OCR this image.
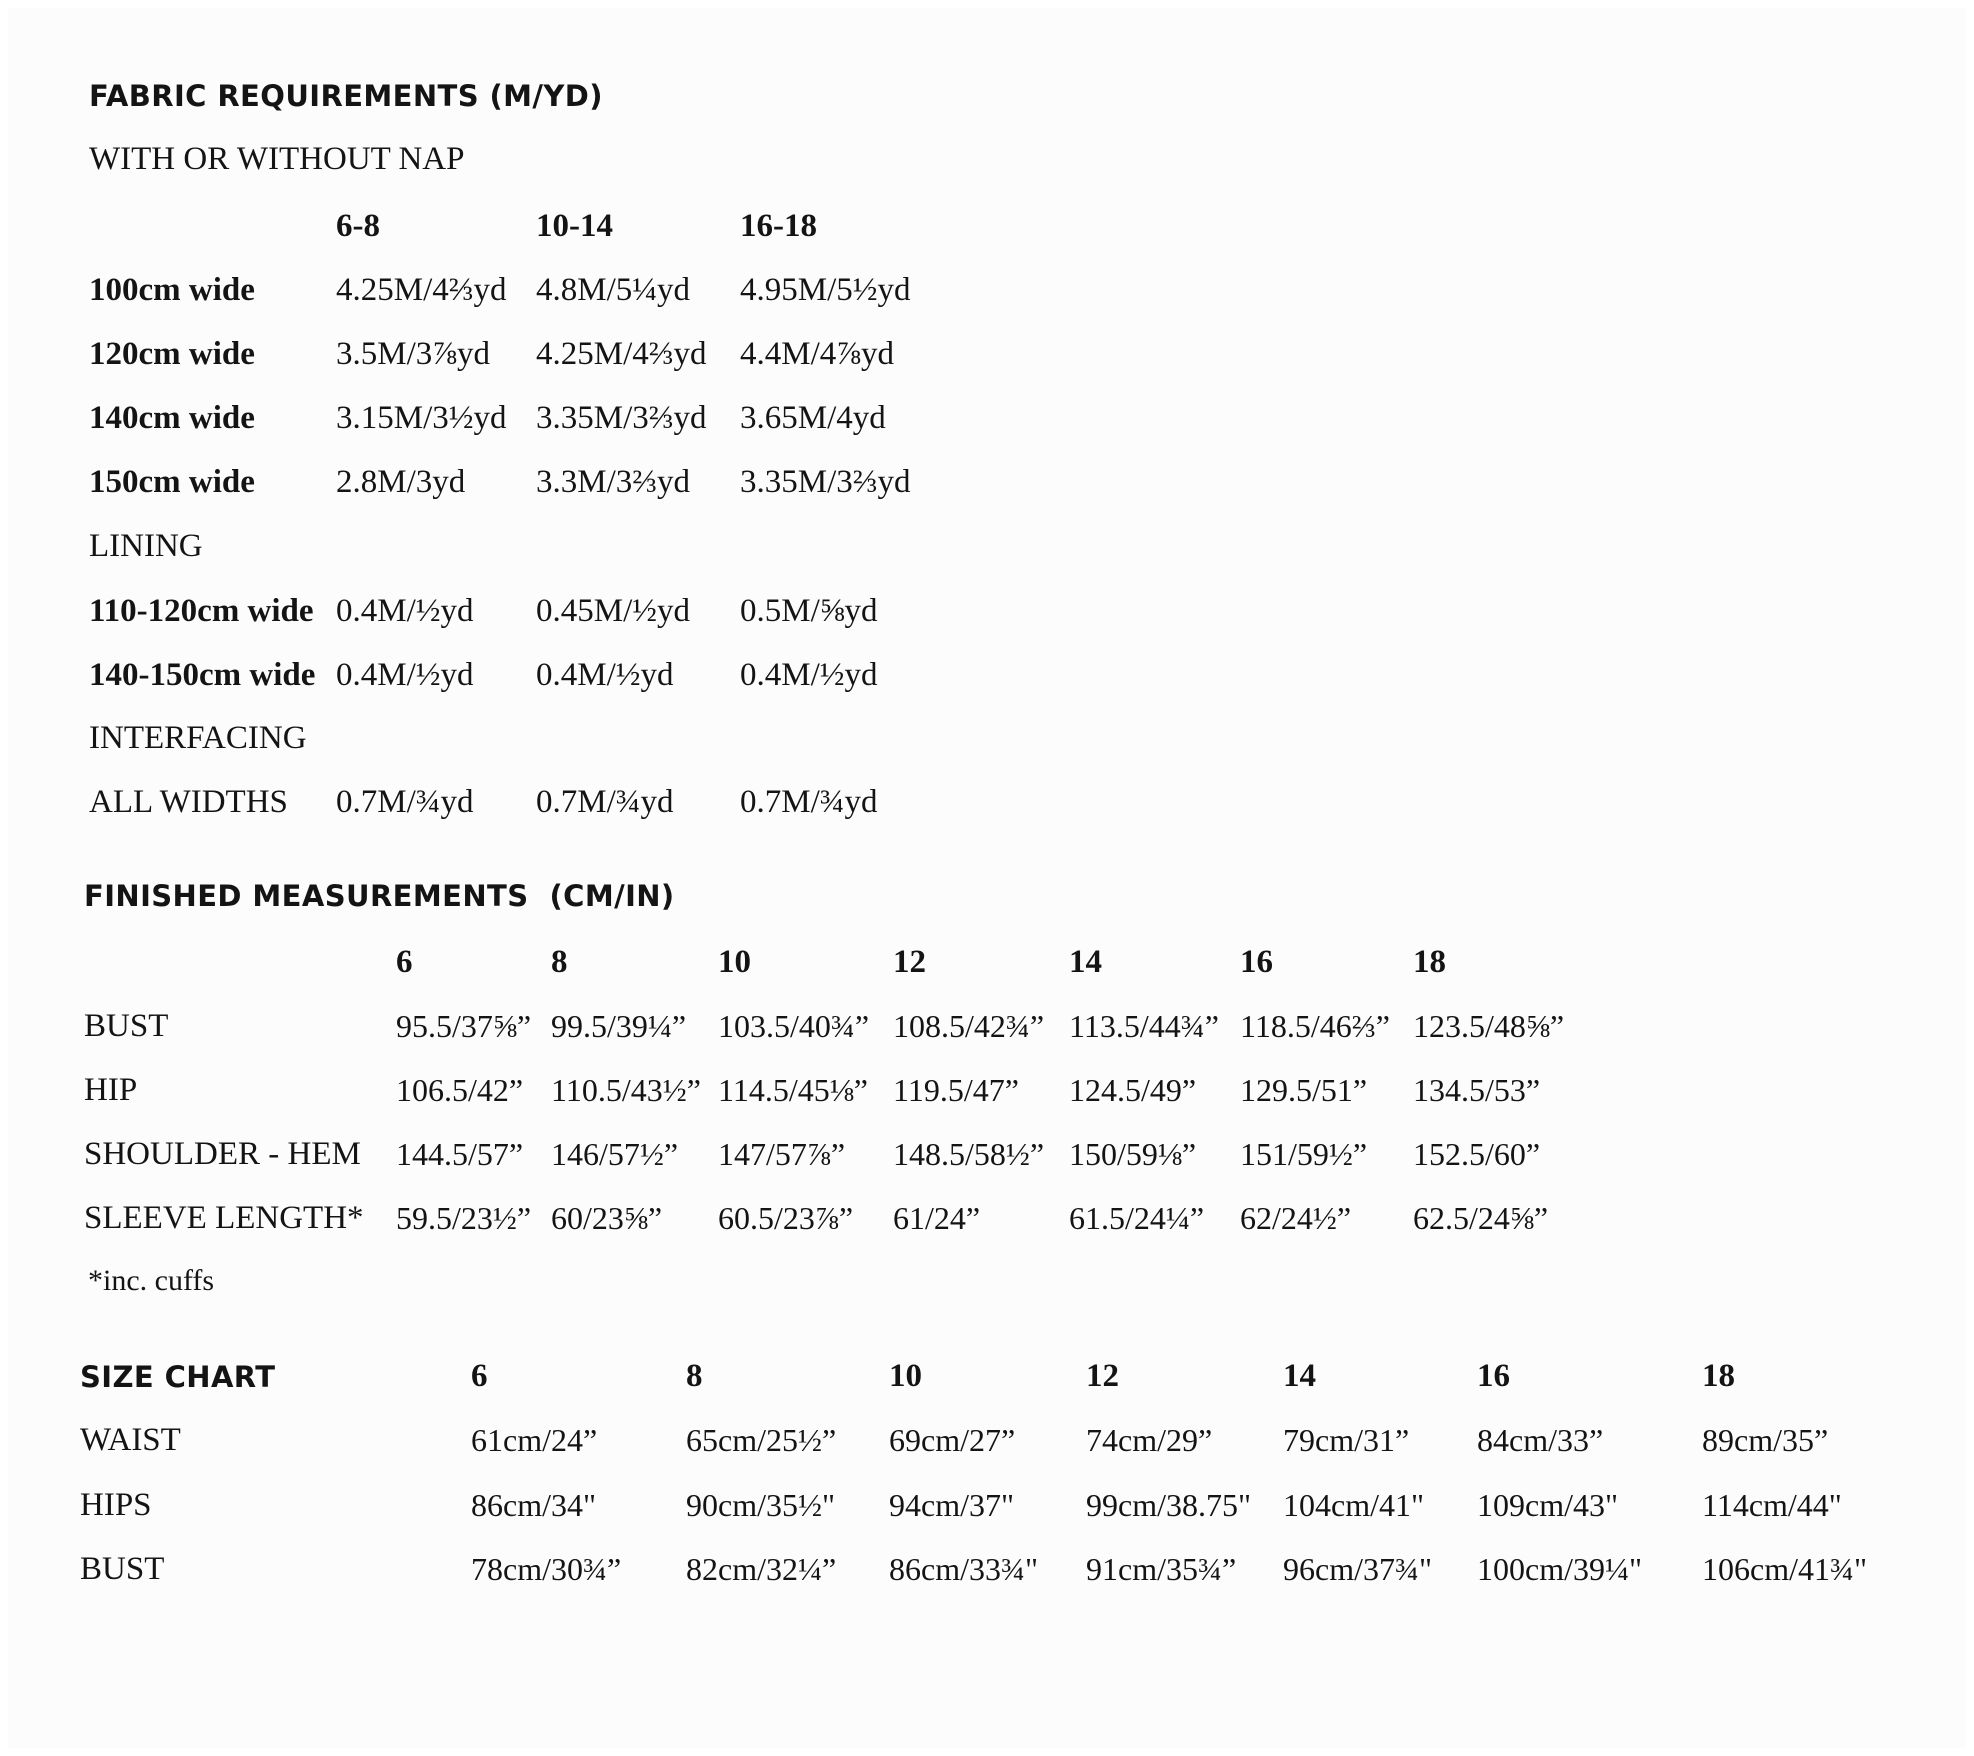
FABRIC REQUIREMENTS (M/YD)
WITH OR WITHOUT NAP
6-8	10-14	16-18
100cm wide 4.25M/4⅔yd 4.8M/5¼yd 4.95M/5½yd
120cm wide 3.5M/3⅞yd 4.25M/4⅔yd 4.4M/4⅞yd
140cm wide 3.15M/3½yd 3.35M/3⅔yd 3.65M/4yd
150cm wide 2.8M/3yd 3.3M/3⅔yd 3.35M/3⅔yd
LINING
110-120cm wide 0.4M/½yd 0.45M/½yd 0.5M/⅝yd
140-150cm wide 0.4M/½yd 0.4M/½yd 0.4M/½yd
INTERFACING
ALL WIDTHS 0.7M/¾yd 0.7M/¾yd 0.7M/¾yd
FINISHED MEASUREMENTS  (CM/IN)
6	8	10	12	14	16	18
BUST	95.5/37⅝” 99.5/39¼” 103.5/40¾” 108.5/42¾” 113.5/44¾” 118.5/46⅔” 123.5/48⅝”
HIP	106.5/42” 110.5/43½” 114.5/45⅛” 119.5/47” 124.5/49” 129.5/51” 134.5/53”
SHOULDER - HEM 144.5/57” 146/57½” 147/57⅞” 148.5/58½” 150/59⅛” 151/59½” 152.5/60”
SLEEVE LENGTH* 59.5/23½” 60/23⅝” 60.5/23⅞” 61/24”	61.5/24¼” 62/24½” 62.5/24⅝”
*inc. cuffs
SIZE CHART	6	8	10	12	14	16	18
WAIST	61cm/24”	65cm/25½” 69cm/27” 74cm/29” 79cm/31” 84cm/33”	89cm/35”
HIPS	86cm/34"	90cm/35½" 94cm/37" 99cm/38.75" 104cm/41" 109cm/43"	114cm/44"
BUST	78cm/30¾” 82cm/32¼” 86cm/33¾" 91cm/35¾” 96cm/37¾" 100cm/39¼" 106cm/41¾"
